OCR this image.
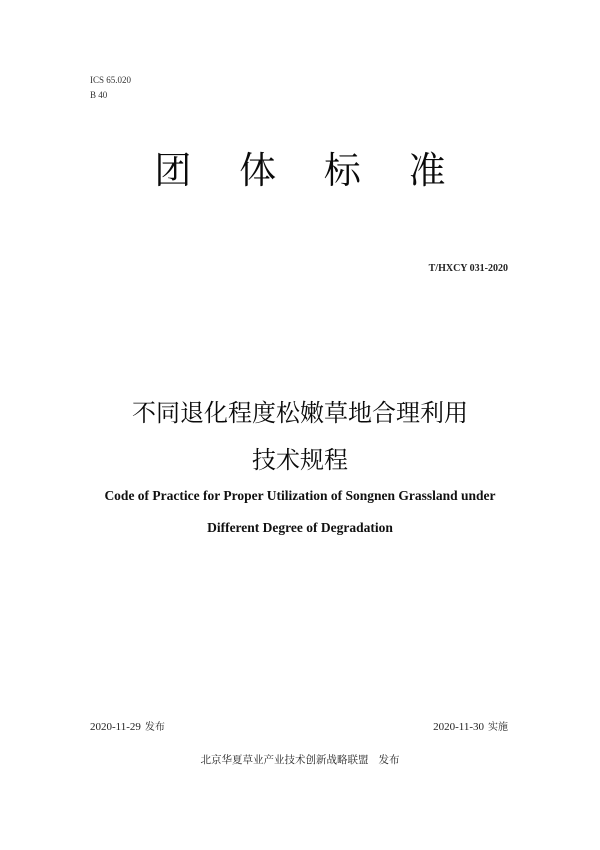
ICS 65.020
B 40
团 体 标 准
T/HXCY 031-2020
不同退化程度松嫩草地合理利用
技术规程
Code of Practice for Proper Utilization of Songnen Grassland under
Different Degree of Degradation
2020-11-29 发布	2020-11-30 实施
北京华夏草业产业技术创新战略联盟 发布
